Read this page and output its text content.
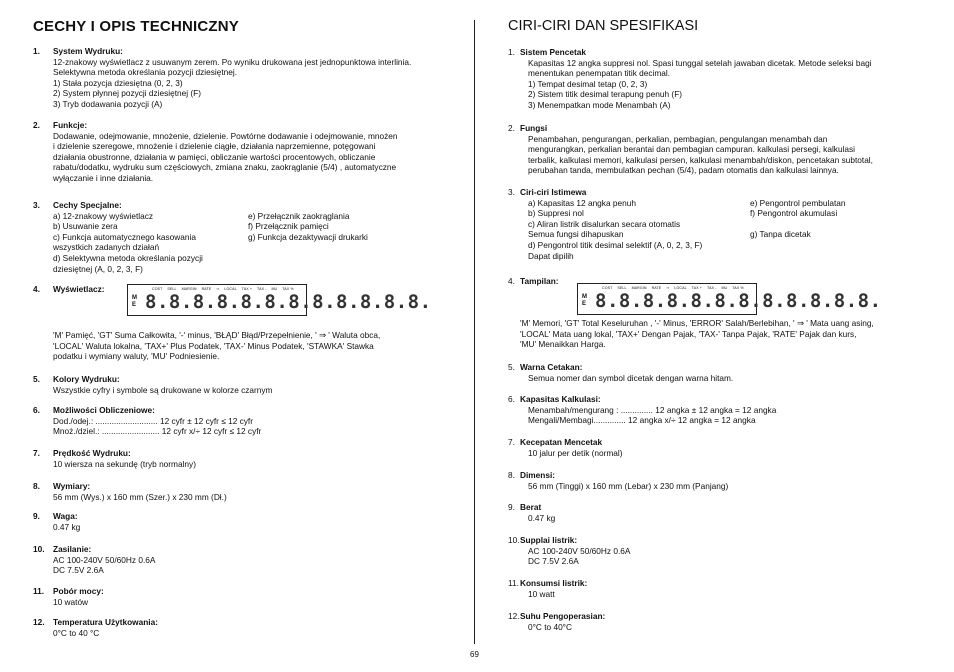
CECHY I OPIS TECHNICZNY
1. System Wydruku:
12-znakowy wyświetlacz z usuwanym zerem. Po wyniku drukowana jest jednopunktowa interlinia.
Selektywna metoda określania pozycji dziesiętnej.
1) Stała pozycja dziesiętna (0, 2, 3)
2) System płynnej pozycji dziesiętnej (F)
3) Tryb dodawania pozycji (A)
2. Funkcje:
Dodawanie, odejmowanie, mnożenie, dzielenie. Powtórne dodawanie i odejmowanie, mnożen
i dzielenie szeregowe, mnożenie i dzielenie ciągłe, działania naprzemienne, potęgowani
działania obustronne, działania w pamięci, obliczanie wartości procentowych, obliczanie
rabatu/dodatku, wydruku sum częściowych, zmiana znaku, zaokrąglanie (5/4) , automatyczne
wyłączanie i inne działania.
3. Cechy Specjalne:
a) 12-znakowy wyświetlacz	e) Przełącznik zaokrąglania
b) Usuwanie zera	f) Przełącznik pamięci
c) Funkcja automatycznego kasowania	g) Funkcja dezaktywacji drukarki
wszystkich zadanych działań
d) Selektywna metoda określania pozycji
dziesiętnej (A, 0, 2, 3, F)
4. Wyświetlacz:
'M' Pamięć, 'GT' Suma Całkowita, '-' minus, 'BŁĄD' Błąd/Przepełnienie, ' ⇒ ' Waluta obca,
'LOCAL' Waluta lokalna, 'TAX+' Plus Podatek, 'TAX-' Minus Podatek, 'STAWKA' Stawka
podatku i wymiany waluty, 'MU' Podniesienie.
5. Kolory Wydruku:
Wszystkie cyfry i symbole są drukowane w kolorze czarnym
6. Możliwości Obliczeniowe:
Dod./odej.: ........................... 12 cyfr ± 12 cyfr ≤ 12 cyfr
Mnoż./dziel.: ......................... 12 cyfr x/÷ 12 cyfr ≤ 12 cyfr
7. Prędkość Wydruku:
10 wiersza na sekundę (tryb normalny)
8. Wymiary:
56 mm (Wys.) x 160 mm (Szer.) x 230 mm (Dł.)
9. Waga:
0.47 kg
10. Zasilanie:
AC 100-240V 50/60Hz 0.6A
DC 7.5V 2.6A
11. Pobór mocy:
10 watów
12. Temperatura Użytkowania:
0°C to 40 °C
COST SELL MARGIN RATE ⇒ LOCAL TAX + TAX - MU TAX %
M
E 8.8.8.8.8.8.8.8.8.8.8.8.
CIRI-CIRI DAN SPESIFIKASI
1. Sistem Pencetak
Kapasitas 12 angka suppresi nol. Spasi tunggal setelah jawaban dicetak. Metode seleksi bagi
menentukan penempatan titik decimal.
1) Tempat desimal tetap (0, 2, 3)
2) Sistem titik desimal terapung penuh (F)
3) Menempatkan mode Menambah (A)
2. Fungsi
Penambahan, pengurangan, perkalian, pembagian, pengulangan menambah dan
mengurangkan, perkalian berantai dan pembagian campuran. kalkulasi persegi, kalkulasi
terbalik, kalkulasi memori, kalkulasi persen, kalkulasi menambah/diskon, pencetakan subtotal,
perubahan tanda, membulatkan pechan (5/4), padam otomatis dan kalkulasi lainnya.
3. Ciri-ciri Istimewa
a) Kapasitas 12 angka penuh	e) Pengontrol pembulatan
b) Suppresi nol	f) Pengontrol akumulasi
c) Aliran listrik disalurkan secara otomatis
Semua fungsi dihapuskan	g) Tanpa dicetak
d) Pengontrol titik desimal selektif (A, 0, 2, 3, F)
Dapat dipilih
4. Tampilan:
'M' Memori, 'GT' Total Keseluruhan , '-' Minus, 'ERROR' Salah/Berlebihan, ' ⇒ ' Mata uang asing,
'LOCAL' Mata uang lokal, 'TAX+' Dengan Pajak, 'TAX-' Tanpa Pajak, 'RATE' Pajak dan kurs,
'MU' Menaikkan Harga.
5. Warna Cetakan:
Semua nomer dan symbol dicetak dengan warna hitam.
6. Kapasitas Kalkulasi:
Menambah/mengurang : .............. 12 angka ± 12 angka = 12 angka
Mengali/Membagi.............. 12 angka x/÷ 12 angka = 12 angka
7. Kecepatan Mencetak
10 jalur per detik (normal)
8. Dimensi:
56 mm (Tinggi) x 160 mm (Lebar) x 230 mm (Panjang)
9. Berat
0.47 kg
10. Supplai listrik:
AC 100-240V 50/60Hz 0.6A
DC 7.5V 2.6A
11. Konsumsi listrik:
10 watt
12. Suhu Pengoperasian:
0°C to 40°C
COST SELL MARGIN RATE ⇒ LOCAL TAX + TAX - MU TAX %
M
E 8.8.8.8.8.8.8.8.8.8.8.8.
69
